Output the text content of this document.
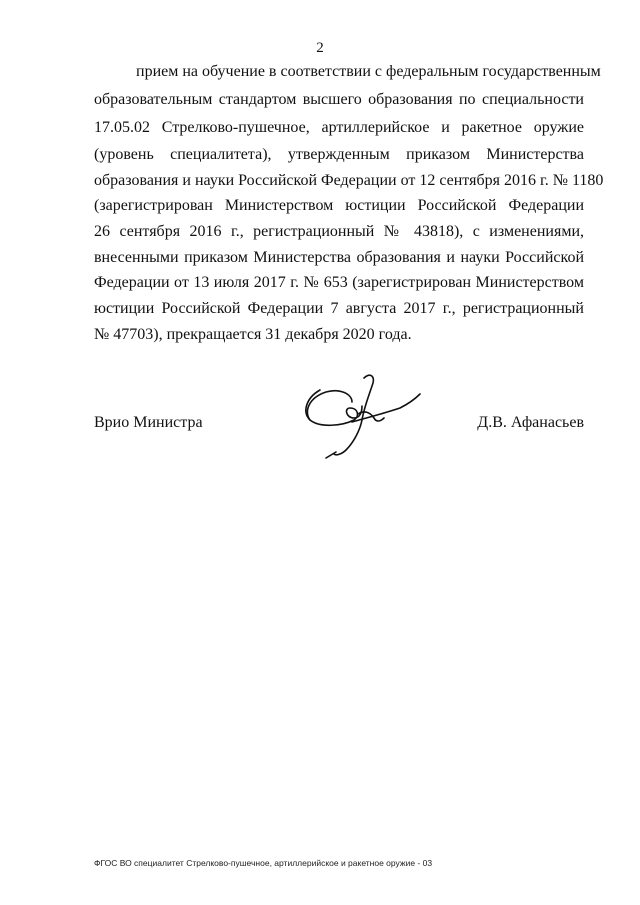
2
прием на обучение в соответствии с федеральным государственным
образовательным стандартом высшего образования по специальности
17.05.02 Стрелково-пушечное, артиллерийское и ракетное оружие
(уровень специалитета), утвержденным приказом Министерства
образования и науки Российской Федерации от 12 сентября 2016 г. № 1180
(зарегистрирован Министерством юстиции Российской Федерации
26 сентября 2016 г., регистрационный № 43818), с изменениями,
внесенными приказом Министерства образования и науки Российской
Федерации от 13 июля 2017 г. № 653 (зарегистрирован Министерством
юстиции Российской Федерации 7 августа 2017 г., регистрационный
№ 47703), прекращается 31 декабря 2020 года.
Врио Министра	Д.В. Афанасьев
ФГОС ВО специалитет Стрелково-пушечное, артиллерийское и ракетное оружие - 03
